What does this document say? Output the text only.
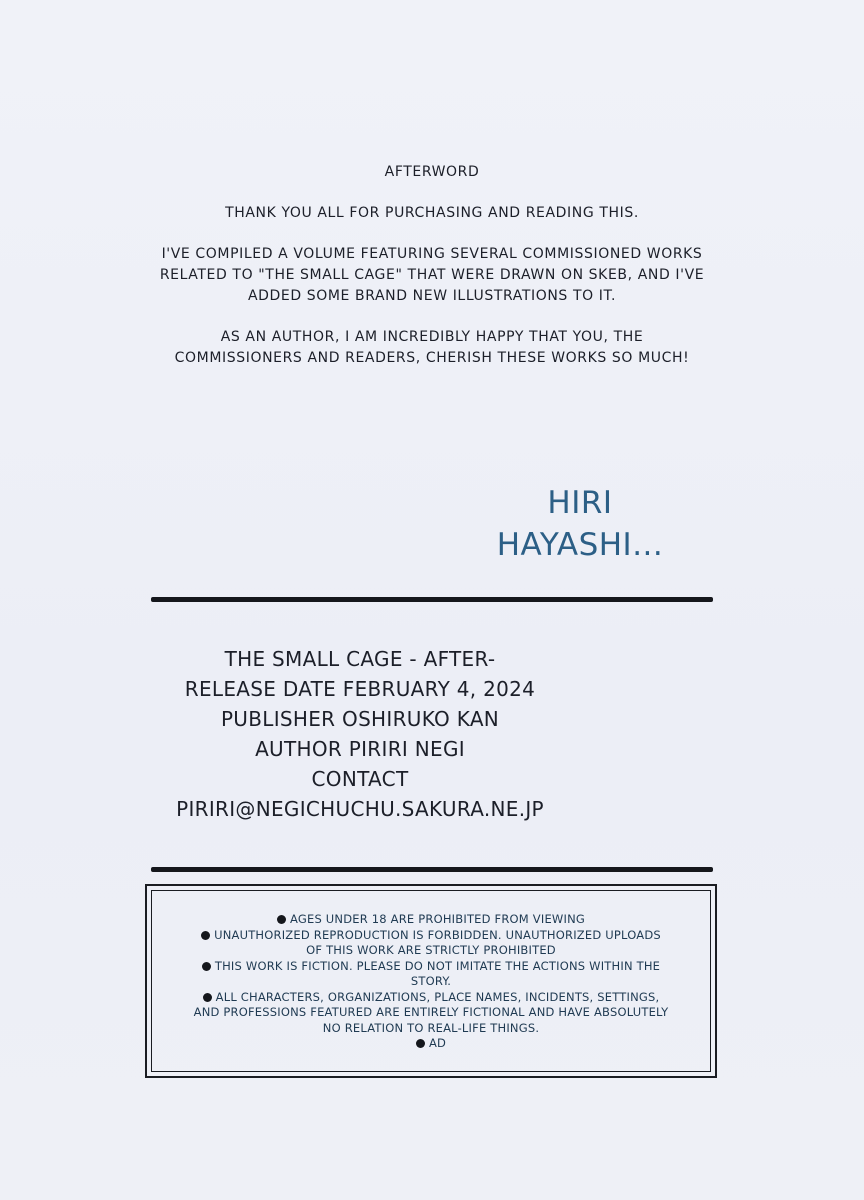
AFTERWORD

THANK YOU ALL FOR PURCHASING AND READING THIS.

I'VE COMPILED A VOLUME FEATURING SEVERAL COMMISSIONED WORKS
RELATED TO "THE SMALL CAGE" THAT WERE DRAWN ON SKEB, AND I'VE
ADDED SOME BRAND NEW ILLUSTRATIONS TO IT.

AS AN AUTHOR, I AM INCREDIBLY HAPPY THAT YOU, THE
COMMISSIONERS AND READERS, CHERISH THESE WORKS SO MUCH!

HIRI
HAYASHI...
THE SMALL CAGE - AFTER-
RELEASE DATE FEBRUARY 4, 2024
PUBLISHER OSHIRUKO KAN
AUTHOR PIRIRI NEGI
CONTACT
PIRIRI@NEGICHUCHU.SAKURA.NE.JP
AGES UNDER 18 ARE PROHIBITED FROM VIEWING
UNAUTHORIZED REPRODUCTION IS FORBIDDEN. UNAUTHORIZED UPLOADS
OF THIS WORK ARE STRICTLY PROHIBITED
THIS WORK IS FICTION. PLEASE DO NOT IMITATE THE ACTIONS WITHIN THE
STORY.
ALL CHARACTERS, ORGANIZATIONS, PLACE NAMES, INCIDENTS, SETTINGS,
AND PROFESSIONS FEATURED ARE ENTIRELY FICTIONAL AND HAVE ABSOLUTELY
NO RELATION TO REAL-LIFE THINGS.
AD
